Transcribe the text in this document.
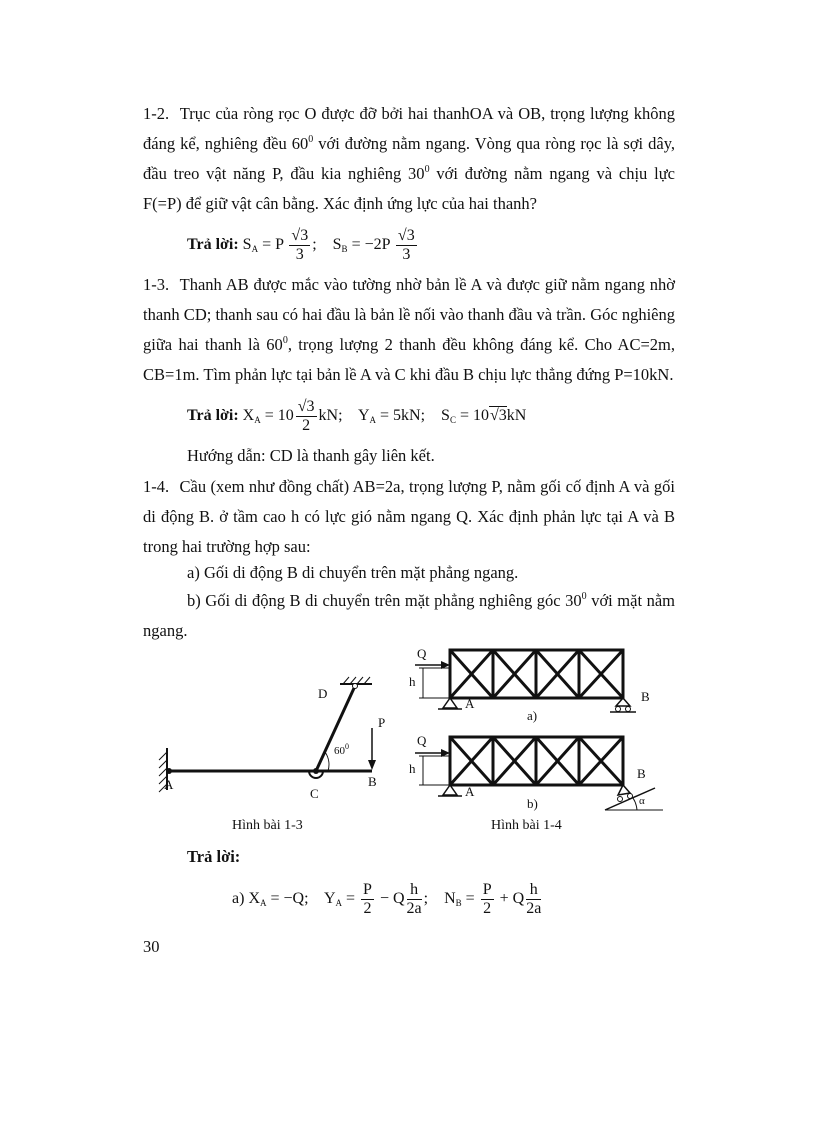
1-2. Trục của ròng rọc O được đỡ bởi hai thanhOA và OB, trọng lượng không đáng kể, nghiêng đều $60^0$ với đường nằm ngang. Vòng qua ròng rọc là sợi dây, đầu treo vật năng P, đầu kia nghiêng $30^0$ với đường nằm ngang và chịu lực F(=P) để giữ vật cân bằng. Xác định ứng lực của hai thanh?
Trả lời: $S_A = P \frac{√3}{3}$ ; $S_B = -2P \frac{√3}{3}$
1-3. Thanh AB được mắc vào tường nhờ bản lề A và được giữ nằm ngang nhờ thanh CD; thanh sau có hai đầu là bản lề nối vào thanh đầu và trần. Góc nghiêng giữa hai thanh là $60^0$, trọng lượng 2 thanh đều không đáng kể. Cho AC=2m, CB=1m. Tìm phản lực tại bản lề A và C khi đầu B chịu lực thẳng đứng P=10kN.
Trả lời: $X_A = 10 \frac{√3}{2}$ kN; $Y_A = 5kN$; $S_C = 10√3kN$
Hướng dẫn: CD là thanh gây liên kết.
1-4. Cầu (xem như đồng chất) AB=2a, trọng lượng P, nằm gối cố định A và gối di động B. ở tầm cao h có lực gió nằm ngang Q. Xác định phản lực tại A và B trong hai trường hợp sau:
a) Gối di động B di chuyển trên mặt phẳng ngang.
b) Gối di động B di chuyển trên mặt phẳng nghiêng góc $30^0$ với mặt nằm ngang.
A	B
C
D
P
$60^0$
Hình bài 1-3
Q
h
A	B
a)
Q
h
A
B
b)	α
Hình bài 1-4
Trả lời:
a) $X_A = -Q$; $Y_A = \frac{P}{2} - Q \frac{h}{2a}$ ; $N_B = \frac{P}{2} + Q \frac{h}{2a}$
30
